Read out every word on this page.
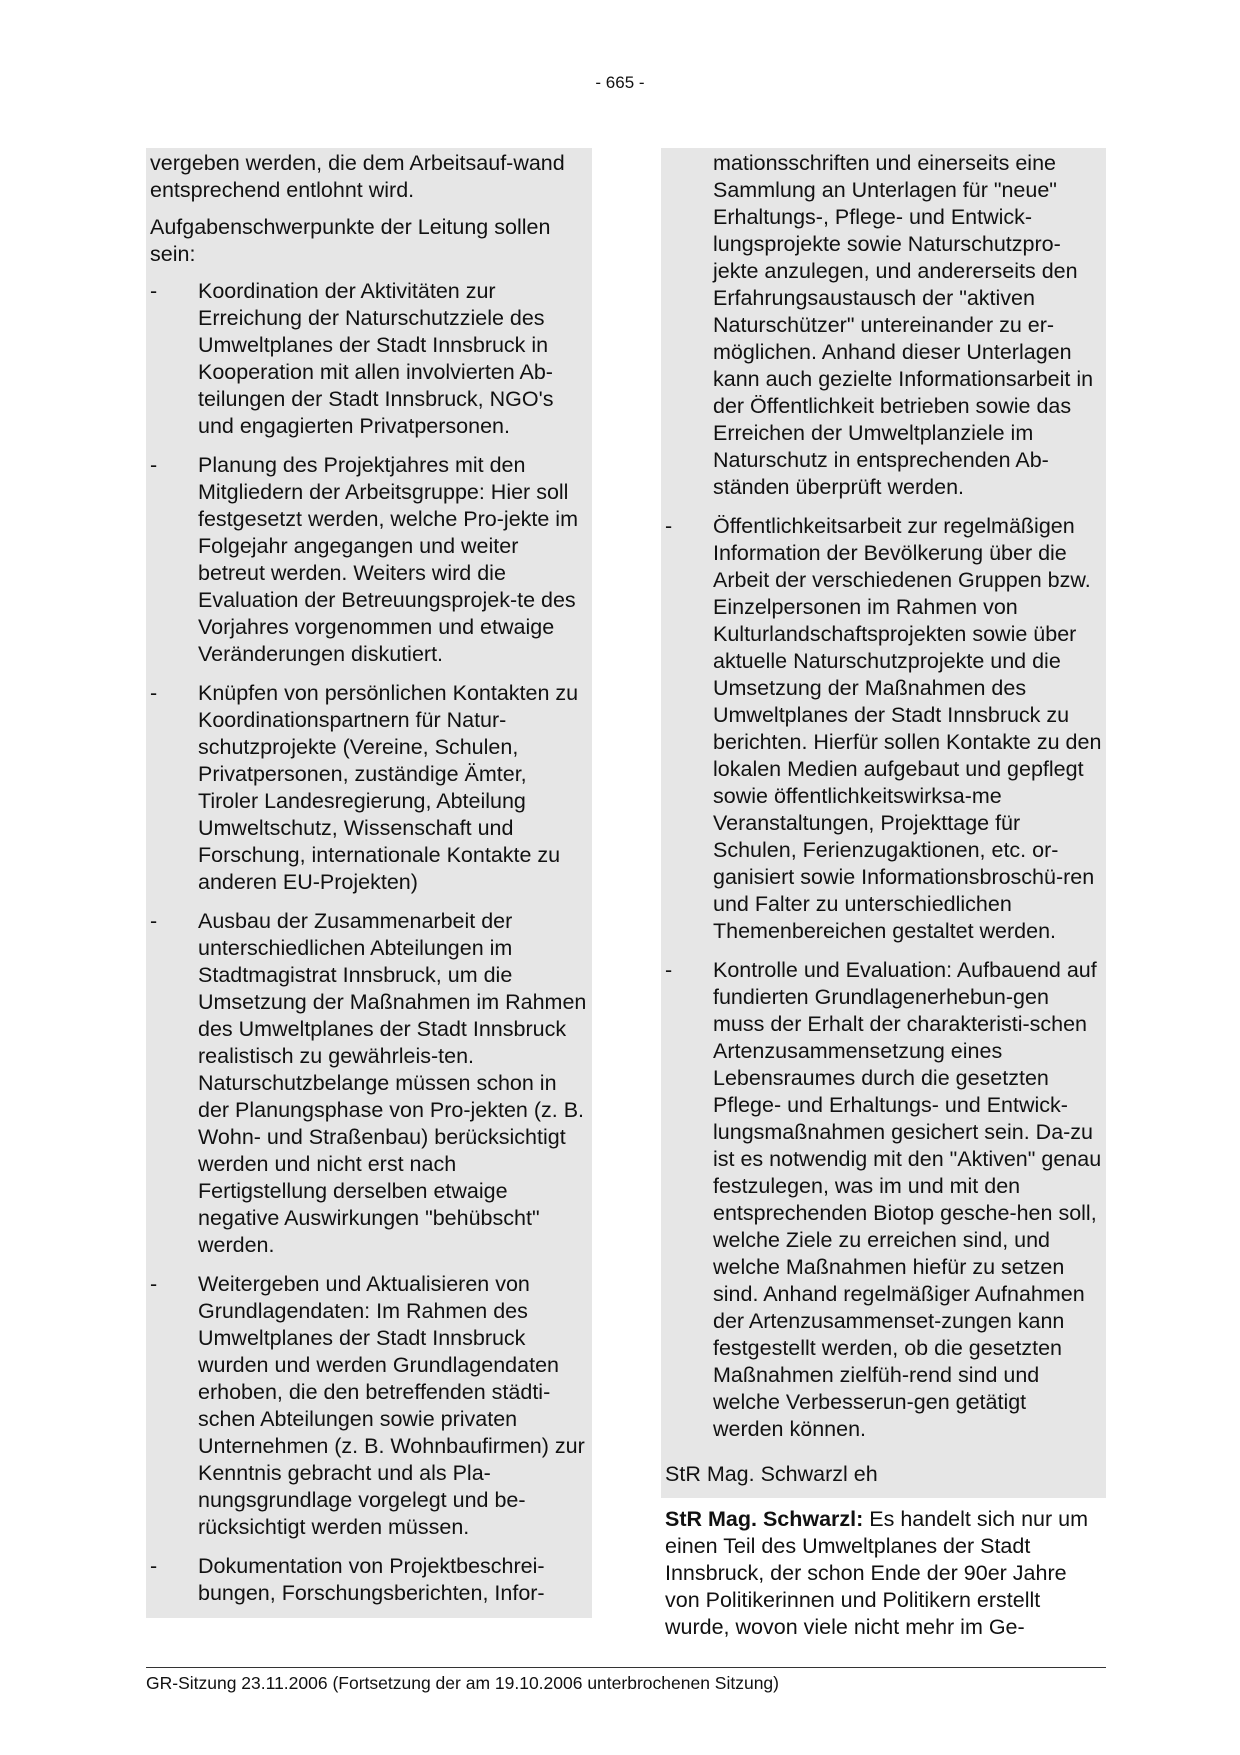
- 665 -

vergeben werden, die dem Arbeitsauf-wand entsprechend entlohnt wird.

Aufgabenschwerpunkte der Leitung sollen sein:

-	Koordination der Aktivitäten zur Erreichung der Naturschutzziele des Umweltplanes der Stadt Innsbruck in Kooperation mit allen involvierten Ab-teilungen der Stadt Innsbruck, NGO's und engagierten Privatpersonen.
-	Planung des Projektjahres mit den Mitgliedern der Arbeitsgruppe: Hier soll festgesetzt werden, welche Pro-jekte im Folgejahr angegangen und weiter betreut werden. Weiters wird die Evaluation der Betreuungsprojek-te des Vorjahres vorgenommen und etwaige Veränderungen diskutiert.
-	Knüpfen von persönlichen Kontakten zu Koordinationspartnern für Natur-schutzprojekte (Vereine, Schulen, Privatpersonen, zuständige Ämter, Tiroler Landesregierung, Abteilung Umweltschutz, Wissenschaft und Forschung, internationale Kontakte zu anderen EU-Projekten)
-	Ausbau der Zusammenarbeit der unterschiedlichen Abteilungen im Stadtmagistrat Innsbruck, um die Umsetzung der Maßnahmen im Rahmen des Umweltplanes der Stadt Innsbruck realistisch zu gewährleis-ten. Naturschutzbelange müssen schon in der Planungsphase von Pro-jekten (z. B. Wohn- und Straßenbau) berücksichtigt werden und nicht erst nach Fertigstellung derselben etwaige negative Auswirkungen "behübscht" werden.
-	Weitergeben und Aktualisieren von Grundlagendaten: Im Rahmen des Umweltplanes der Stadt Innsbruck wurden und werden Grundlagendaten erhoben, die den betreffenden städti-schen Abteilungen sowie privaten Unternehmen (z. B. Wohnbaufirmen) zur Kenntnis gebracht und als Pla-nungsgrundlage vorgelegt und be-rücksichtigt werden müssen.
-	Dokumentation von Projektbeschrei-bungen, Forschungsberichten, Infor-
mationsschriften und einerseits eine Sammlung an Unterlagen für "neue" Erhaltungs-, Pflege- und Entwick-lungsprojekte sowie Naturschutzpro-jekte anzulegen, und andererseits den Erfahrungsaustausch der "aktiven Naturschützer" untereinander zu er-möglichen. Anhand dieser Unterlagen kann auch gezielte Informationsarbeit in der Öffentlichkeit betrieben sowie das Erreichen der Umweltplanziele im Naturschutz in entsprechenden Ab-ständen überprüft werden.
-	Öffentlichkeitsarbeit zur regelmäßigen Information der Bevölkerung über die Arbeit der verschiedenen Gruppen bzw. Einzelpersonen im Rahmen von Kulturlandschaftsprojekten sowie über aktuelle Naturschutzprojekte und die Umsetzung der Maßnahmen des Umweltplanes der Stadt Innsbruck zu berichten. Hierfür sollen Kontakte zu den lokalen Medien aufgebaut und gepflegt sowie öffentlichkeitswirksa-me Veranstaltungen, Projekttage für Schulen, Ferienzugaktionen, etc. or-ganisiert sowie Informationsbroschü-ren und Falter zu unterschiedlichen Themenbereichen gestaltet werden.
-	Kontrolle und Evaluation: Aufbauend auf fundierten Grundlagenerhebun-gen muss der Erhalt der charakteristi-schen Artenzusammensetzung eines Lebensraumes durch die gesetzten Pflege- und Erhaltungs- und Entwick-lungsmaßnahmen gesichert sein. Da-zu ist es notwendig mit den "Aktiven" genau festzulegen, was im und mit den entsprechenden Biotop gesche-hen soll, welche Ziele zu erreichen sind, und welche Maßnahmen hiefür zu setzen sind. Anhand regelmäßiger Aufnahmen der Artenzusammenset-zungen kann festgestellt werden, ob die gesetzten Maßnahmen zielfüh-rend sind und welche Verbesserun-gen getätigt werden können.

StR Mag. Schwarzl eh

StR Mag. Schwarzl: Es handelt sich nur um einen Teil des Umweltplanes der Stadt Innsbruck, der schon Ende der 90er Jahre von Politikerinnen und Politikern erstellt wurde, wovon viele nicht mehr im Ge-
GR-Sitzung 23.11.2006 (Fortsetzung der am 19.10.2006 unterbrochenen Sitzung)
